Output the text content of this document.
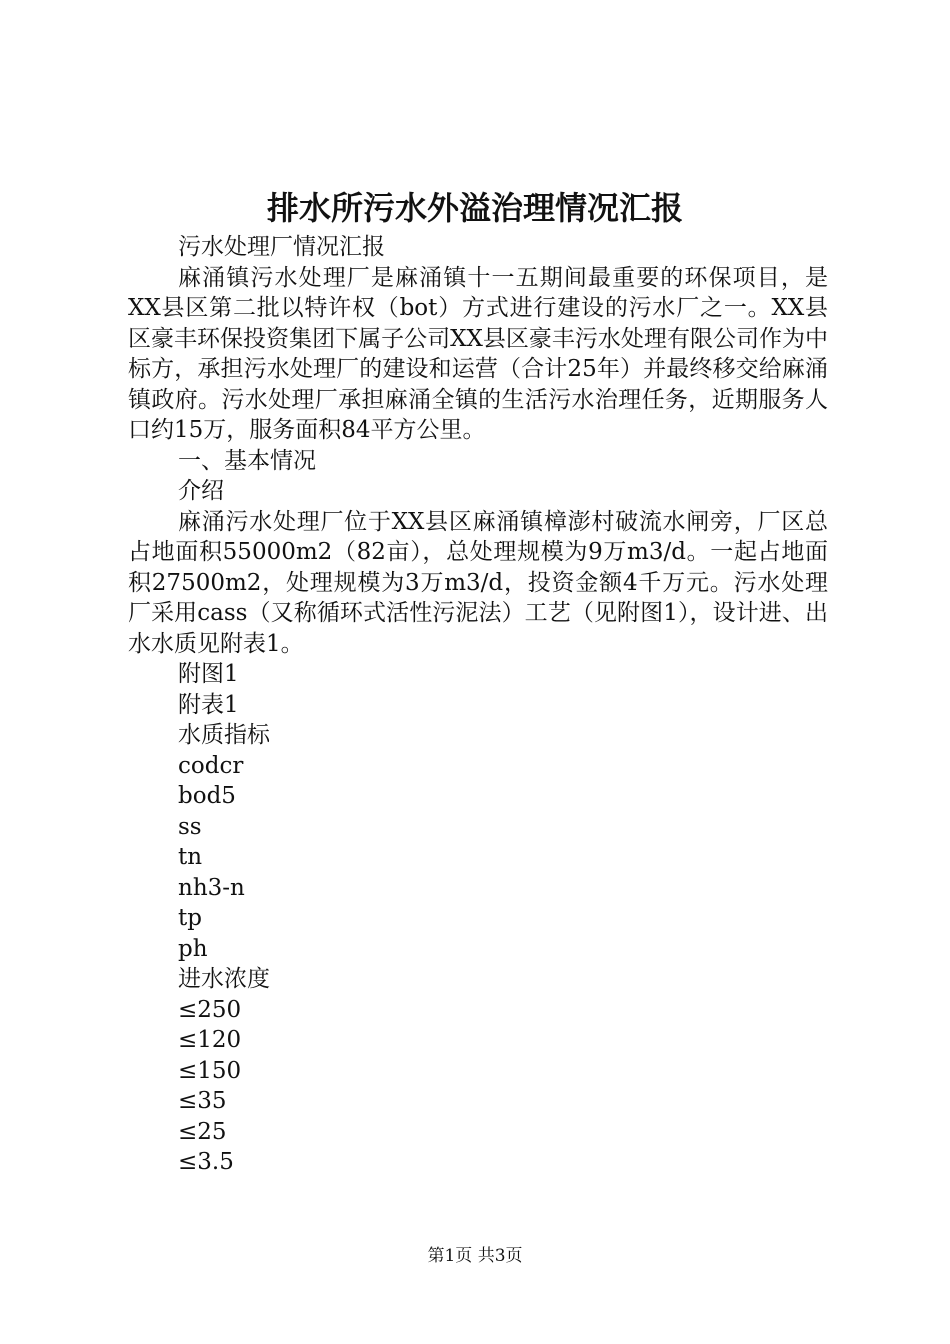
排水所污水外溢治理情况汇报

污水处理厂情况汇报

麻涌镇污水处理厂是麻涌镇十一五期间最重要的环保项目，是XX县区第二批以特许权（bot）方式进行建设的污水厂之一。XX县区豪丰环保投资集团下属子公司XX县区豪丰污水处理有限公司作为中标方，承担污水处理厂的建设和运营（合计25年）并最终移交给麻涌镇政府。污水处理厂承担麻涌全镇的生活污水治理任务，近期服务人口约15万，服务面积84平方公里。

一、基本情况

介绍

麻涌污水处理厂位于XX县区麻涌镇樟澎村破流水闸旁，厂区总占地面积55000m2（82亩），总处理规模为9万m3/d。一起占地面积27500m2，处理规模为3万m3/d，投资金额4千万元。污水处理厂采用cass（又称循环式活性污泥法）工艺（见附图1），设计进、出水水质见附表1。

附图1

附表1

水质指标

codcr

bod5

ss

tn

nh3-n

tp

ph

进水浓度

≤250

≤120

≤150

≤35

≤25

≤3.5

第1页 共3页
